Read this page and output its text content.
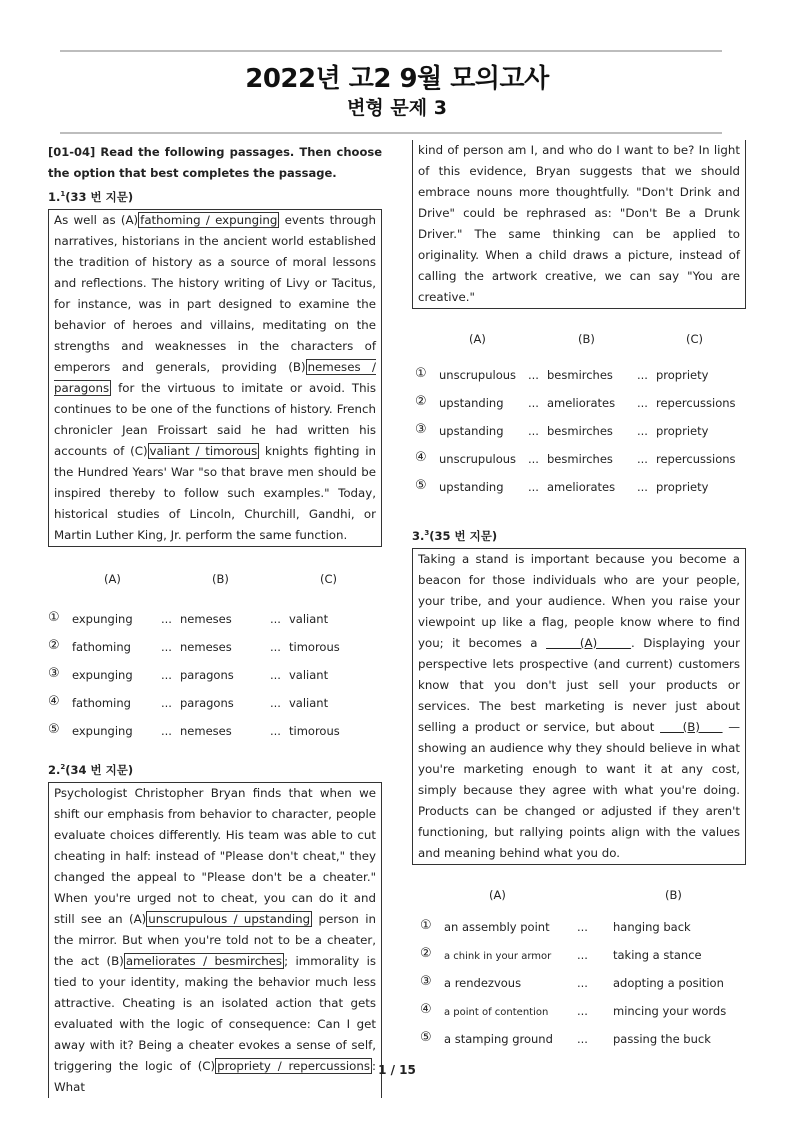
2022년 고2 9월 모의고사
변형 문제 3
[01-04] Read the following passages. Then choose the option that best completes the passage.
1.$^1$(33 번 지문)
As well as (A) fathoming / expunging events through narratives, historians in the ancient world established the tradition of history as a source of moral lessons and reflections. The history writing of Livy or Tacitus, for instance, was in part designed to examine the behavior of heroes and villains, meditating on the strengths and weaknesses in the characters of emperors and generals, providing (B) nemeses / paragons for the virtuous to imitate or avoid. This continues to be one of the functions of history. French chronicler Jean Froissart said he had written his accounts of (C) valiant / timorous knights fighting in the Hundred Years' War "so that brave men should be inspired thereby to follow such examples." Today, historical studies of Lincoln, Churchill, Gandhi, or Martin Luther King, Jr. perform the same function.
(A)	(B)	(C)
① expunging ... nemeses	... valiant
② fathoming	... nemeses	... timorous
③ expunging ... paragons	... valiant
④ fathoming	... paragons	... valiant
⑤ expunging ... nemeses	... timorous
2.$^2$(34 번 지문)
Psychologist Christopher Bryan finds that when we shift our emphasis from behavior to character, people evaluate choices differently. His team was able to cut cheating in half: instead of "Please don't cheat," they changed the appeal to "Please don't be a cheater." When you're urged not to cheat, you can do it and still see an (A) unscrupulous / upstanding person in the mirror. But when you're told not to be a cheater, the act (B) ameliorates / besmirches ; immorality is tied to your identity, making the behavior much less attractive. Cheating is an isolated action that gets evaluated with the logic of consequence: Can I get away with it? Being a cheater evokes a sense of self, triggering the logic of (C) propriety / repercussions : What
kind of person am I, and who do I want to be? In light of this evidence, Bryan suggests that we should embrace nouns more thoughtfully. "Don't Drink and Drive" could be rephrased as: "Don't Be a Drunk Driver." The same thinking can be applied to originality. When a child draws a picture, instead of calling the artwork creative, we can say "You are creative."
(A)	(B)	(C)
① unscrupulous ... besmirches ... propriety
② upstanding ... ameliorates ... repercussions
③ upstanding ... besmirches ... propriety
④ unscrupulous ... besmirches ... repercussions
⑤ upstanding ... ameliorates ... propriety
3.$^3$(35 번 지문)
Taking a stand is important because you become a beacon for those individuals who are your people, your tribe, and your audience. When you raise your viewpoint up like a flag, people know where to find you; it becomes a     (A)    . Displaying your perspective lets prospective (and current) customers know that you don't just sell your products or services. The best marketing is never just about selling a product or service, but about     (B)     — showing an audience why they should believe in what you're marketing enough to want it at any cost, simply because they agree with what you're doing. Products can be changed or adjusted if they aren't functioning, but rallying points align with the values and meaning behind what you do.
(A)	(B)
① an assembly point ... hanging back
② a chink in your armor ... taking a stance
③ a rendezvous	... adopting a position
④ a point of contention ... mincing your words
⑤ a stamping ground ... passing the buck
1 / 15
